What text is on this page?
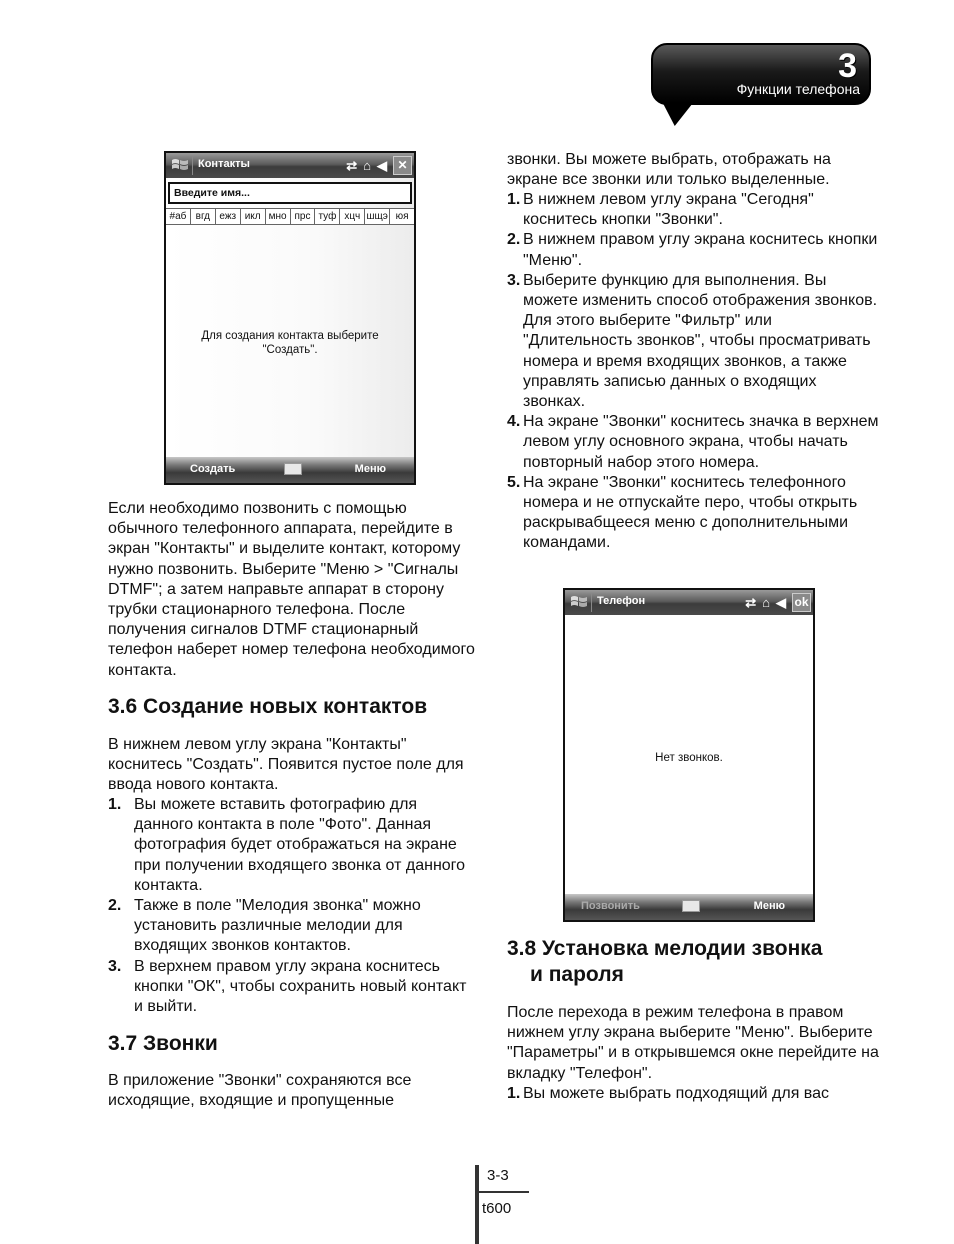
3
Функции телефона
Контакты	⇄ ⌂ ◀ ✕
Введите имя...
#аб вгд ежз икл мно прс туф хцч шщэ юя
Для создания контакта выберите
"Создать".
Создать	Меню
Если необходимо позвонить с помощью обычного телефонного аппарата, перейдите в экран "Контакты" и выделите контакт, которому нужно позвонить. Выберите "Меню > "Сигналы DTMF"; а затем направьте аппарат в сторону трубки стационарного телефона. После получения сигналов DTMF стационарный телефон наберет номер телефона необходимого контакта.
3.6 Создание новых контактов
В нижнем левом углу экрана "Контакты" коснитесь "Создать". Появится пустое поле для ввода нового контакта.
1. Вы можете вставить фотографию для данного контакта в поле "Фото". Данная фотография будет отображаться на экране при получении входящего звонка от данного контакта.
2. Также в поле "Мелодия звонка" можно установить различные мелодии для входящих звонков контактов.
3. В верхнем правом углу экрана коснитесь кнопки "ОК", чтобы сохранить новый контакт и выйти.
3.7 Звонки
В приложение "Звонки" сохраняются все исходящие, входящие и пропущенные
звонки. Вы можете выбрать, отображать на экране все звонки или только выделенные.
1. В нижнем левом углу экрана "Сегодня" коснитесь кнопки "Звонки".
2. В нижнем правом углу экрана коснитесь кнопки "Меню".
3. Выберите функцию для выполнения. Вы можете изменить способ отображения звонков. Для этого выберите "Фильтр" или "Длительность звонков", чтобы просматривать номера и время входящих звонков, а также управлять записью данных о входящих звонках.
4. На экране "Звонки" коснитесь значка в верхнем левом углу основного экрана, чтобы начать повторный набор этого номера.
5. На экране "Звонки" коснитесь телефонного номера и не отпускайте перо, чтобы открыть раскрывабщееся меню с дополнительными командами.
Телефон	⇄ ⌂ ◀ ok
Нет звонков.
Позвонить	Меню
3.8 Установка мелодии звонка
и пароля
После перехода в режим телефона в правом нижнем углу экрана выберите "Меню". Выберите "Параметры" и в открывшемся окне перейдите на вкладку "Телефон".
1. Вы можете выбрать подходящий для вас
3-3
t600
